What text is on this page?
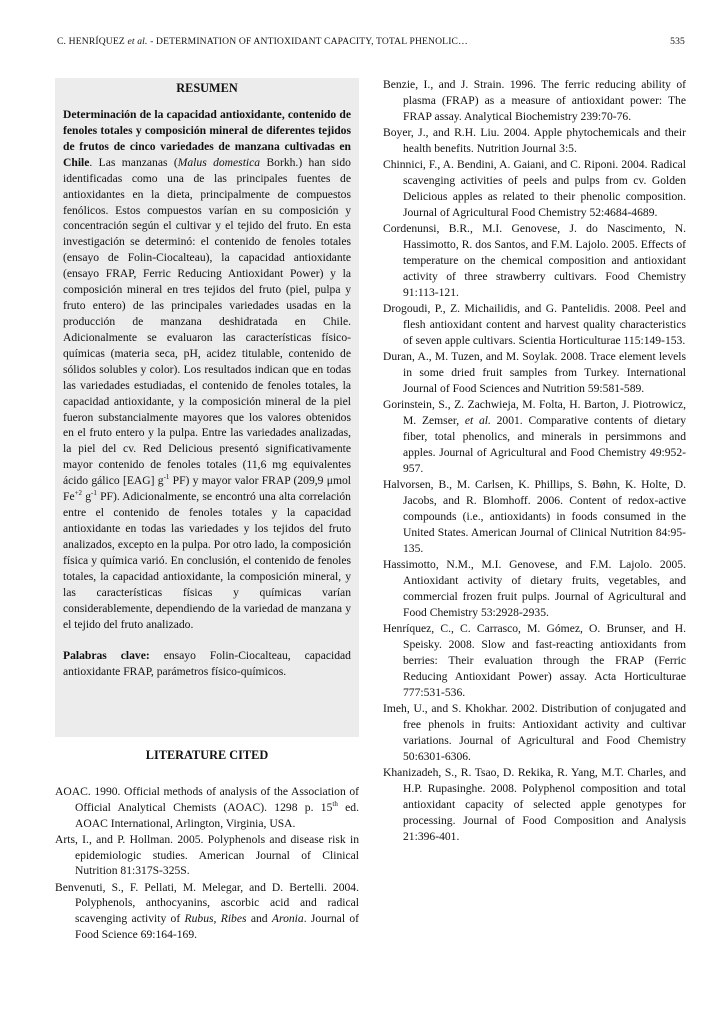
C. HENRÍQUEZ et al. - DETERMINATION OF ANTIOXIDANT CAPACITY, TOTAL PHENOLIC…	535
RESUMEN

Determinación de la capacidad antioxidante, contenido de fenoles totales y composición mineral de diferentes tejidos de frutos de cinco variedades de manzana cultivadas en Chile. Las manzanas (Malus domestica Borkh.) han sido identificadas como una de las principales fuentes de antioxidantes en la dieta, principalmente de compuestos fenólicos. Estos compuestos varían en su composición y concentración según el cultivar y el tejido del fruto. En esta investigación se determinó: el contenido de fenoles totales (ensayo de Folin-Ciocalteau), la capacidad antioxidante (ensayo FRAP, Ferric Reducing Antioxidant Power) y la composición mineral en tres tejidos del fruto (piel, pulpa y fruto entero) de las principales variedades usadas en la producción de manzana deshidratada en Chile. Adicionalmente se evaluaron las características físico-químicas (materia seca, pH, acidez titulable, contenido de sólidos solubles y color). Los resultados indican que en todas las variedades estudiadas, el contenido de fenoles totales, la capacidad antioxidante, y la composición mineral de la piel fueron substancialmente mayores que los valores obtenidos en el fruto entero y la pulpa. Entre las variedades analizadas, la piel del cv. Red Delicious presentó significativamente mayor contenido de fenoles totales (11,6 mg equivalentes ácido gálico [EAG] $g^{-1}$ PF) y mayor valor FRAP (209,9 μmol $Fe^{+2}$ $g^{-1}$ PF). Adicionalmente, se encontró una alta correlación entre el contenido de fenoles totales y la capacidad antioxidante en todas las variedades y los tejidos del fruto analizados, excepto en la pulpa. Por otro lado, la composición física y química varió. En conclusión, el contenido de fenoles totales, la capacidad antioxidante, la composición mineral, y las características físicas y químicas varían considerablemente, dependiendo de la variedad de manzana y el tejido del fruto analizado.

Palabras clave: ensayo Folin-Ciocalteau, capacidad antioxidante FRAP, parámetros físico-químicos.

LITERATURE CITED
AOAC. 1990. Official methods of analysis of the Association of Official Analytical Chemists (AOAC). 1298 p. 15th ed. AOAC International, Arlington, Virginia, USA.
Arts, I., and P. Hollman. 2005. Polyphenols and disease risk in epidemiologic studies. American Journal of Clinical Nutrition 81:317S-325S.
Benvenuti, S., F. Pellati, M. Melegar, and D. Bertelli. 2004. Polyphenols, anthocyanins, ascorbic acid and radical scavenging activity of Rubus, Ribes and Aronia. Journal of Food Science 69:164-169.
Benzie, I., and J. Strain. 1996. The ferric reducing ability of plasma (FRAP) as a measure of antioxidant power: The FRAP assay. Analytical Biochemistry 239:70-76.
Boyer, J., and R.H. Liu. 2004. Apple phytochemicals and their health benefits. Nutrition Journal 3:5.
Chinnici, F., A. Bendini, A. Gaiani, and C. Riponi. 2004. Radical scavenging activities of peels and pulps from cv. Golden Delicious apples as related to their phenolic composition. Journal of Agricultural Food Chemistry 52:4684-4689.
Cordenunsi, B.R., M.I. Genovese, J. do Nascimento, N. Hassimotto, R. dos Santos, and F.M. Lajolo. 2005. Effects of temperature on the chemical composition and antioxidant activity of three strawberry cultivars. Food Chemistry 91:113-121.
Drogoudi, P., Z. Michailidis, and G. Pantelidis. 2008. Peel and flesh antioxidant content and harvest quality characteristics of seven apple cultivars. Scientia Horticulturae 115:149-153.
Duran, A., M. Tuzen, and M. Soylak. 2008. Trace element levels in some dried fruit samples from Turkey. International Journal of Food Sciences and Nutrition 59:581-589.
Gorinstein, S., Z. Zachwieja, M. Folta, H. Barton, J. Piotrowicz, M. Zemser, et al. 2001. Comparative contents of dietary fiber, total phenolics, and minerals in persimmons and apples. Journal of Agricultural and Food Chemistry 49:952-957.
Halvorsen, B., M. Carlsen, K. Phillips, S. Bøhn, K. Holte, D. Jacobs, and R. Blomhoff. 2006. Content of redox-active compounds (i.e., antioxidants) in foods consumed in the United States. American Journal of Clinical Nutrition 84:95-135.
Hassimotto, N.M., M.I. Genovese, and F.M. Lajolo. 2005. Antioxidant activity of dietary fruits, vegetables, and commercial frozen fruit pulps. Journal of Agricultural and Food Chemistry 53:2928-2935.
Henríquez, C., C. Carrasco, M. Gómez, O. Brunser, and H. Speisky. 2008. Slow and fast-reacting antioxidants from berries: Their evaluation through the FRAP (Ferric Reducing Antioxidant Power) assay. Acta Horticulturae 777:531-536.
Imeh, U., and S. Khokhar. 2002. Distribution of conjugated and free phenols in fruits: Antioxidant activity and cultivar variations. Journal of Agricultural and Food Chemistry 50:6301-6306.
Khanizadeh, S., R. Tsao, D. Rekika, R. Yang, M.T. Charles, and H.P. Rupasinghe. 2008. Polyphenol composition and total antioxidant capacity of selected apple genotypes for processing. Journal of Food Composition and Analysis 21:396-401.
